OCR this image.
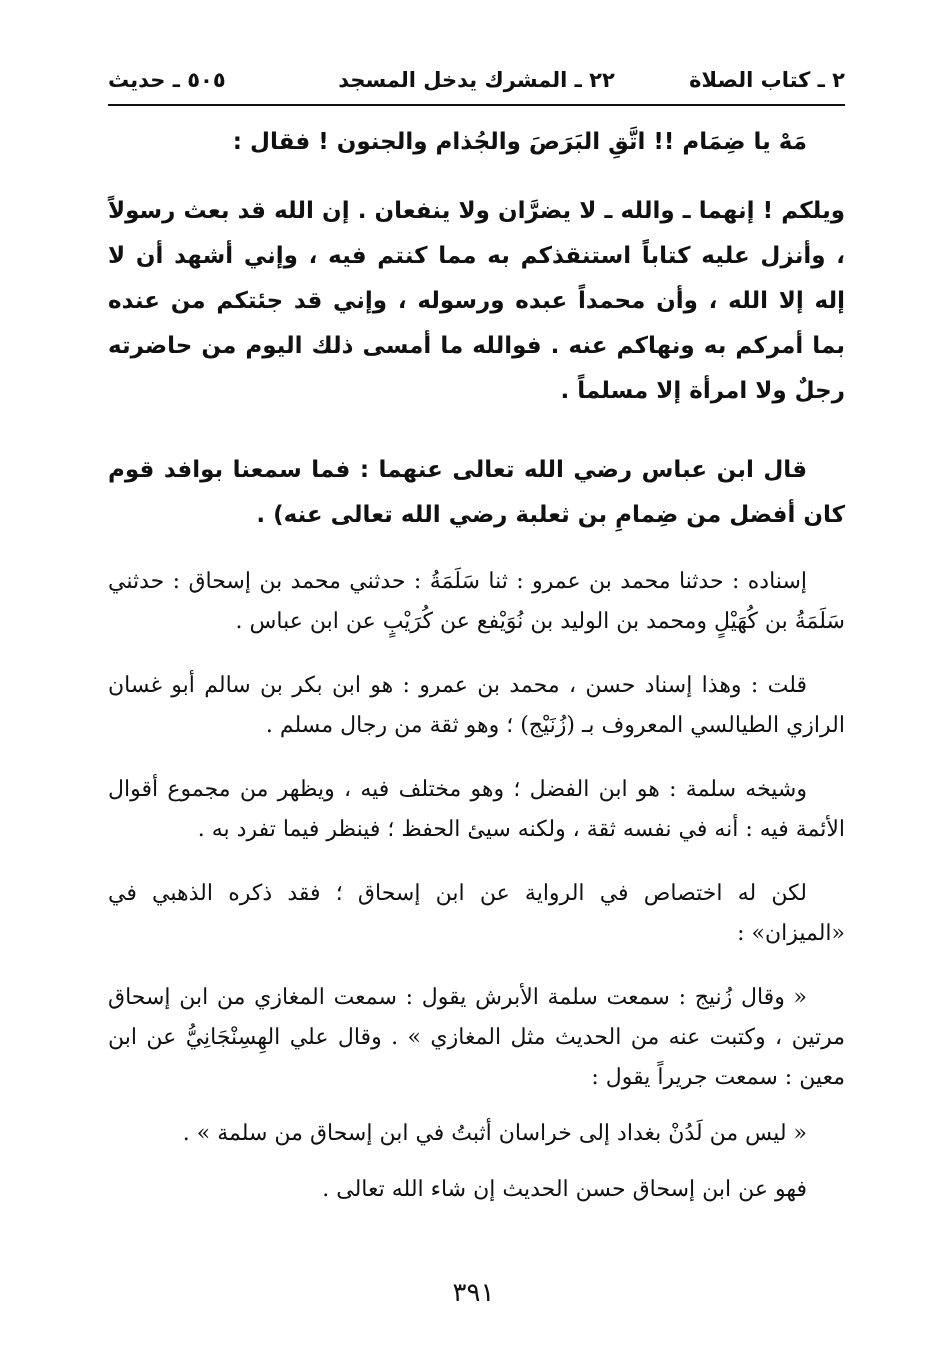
٢ ـ كتاب الصلاة
٢٢ ـ المشرك يدخل المسجد
٥٠٥ ـ حديث

مَهْ يا ضِمَام !! اتَّقِ البَرَصَ والجُذام والجنون ! فقال :

ويلكم ! إنهما ـ والله ـ لا يضرَّان ولا ينفعان . إن الله قد بعث رسولاً ، وأنزل عليه كتاباً استنقذكم به مما كنتم فيه ، وإني أشهد أن لا إله إلا الله ، وأن محمداً عبده ورسوله ، وإني قد جئتكم من عنده بما أمركم به ونهاكم عنه . فوالله ما أمسى ذلك اليوم من حاضرته رجلٌ ولا امرأة إلا مسلماً .

قال ابن عباس رضي الله تعالى عنهما : فما سمعنا بوافد قوم كان أفضل من ضِمامِ بن ثعلبة رضي الله تعالى عنه) .

إسناده : حدثنا محمد بن عمرو : ثنا سَلَمَةُ : حدثني محمد بن إسحاق : حدثني سَلَمَةُ بن كُهَيْلٍ ومحمد بن الوليد بن نُوَيْفع عن كُرَيْبٍ عن ابن عباس .

قلت : وهذا إسناد حسن ، محمد بن عمرو : هو ابن بكر بن سالم أبو غسان الرازي الطيالسي المعروف بـ (زُنَيْج) ؛ وهو ثقة من رجال مسلم .

وشيخه سلمة : هو ابن الفضل ؛ وهو مختلف فيه ، ويظهر من مجموع أقوال الأئمة فيه : أنه في نفسه ثقة ، ولكنه سيئ الحفظ ؛ فينظر فيما تفرد به .

لكن له اختصاص في الرواية عن ابن إسحاق ؛ فقد ذكره الذهبي في «الميزان» :

« وقال زُنيج : سمعت سلمة الأبرش يقول : سمعت المغازي من ابن إسحاق مرتين ، وكتبت عنه من الحديث مثل المغازي » . وقال علي الهِسِنْجَانِيُّ عن ابن معين : سمعت جريراً يقول :

« ليس من لَدُنْ بغداد إلى خراسان أثبتُ في ابن إسحاق من سلمة » .

فهو عن ابن إسحاق حسن الحديث إن شاء الله تعالى .

٣٩١
